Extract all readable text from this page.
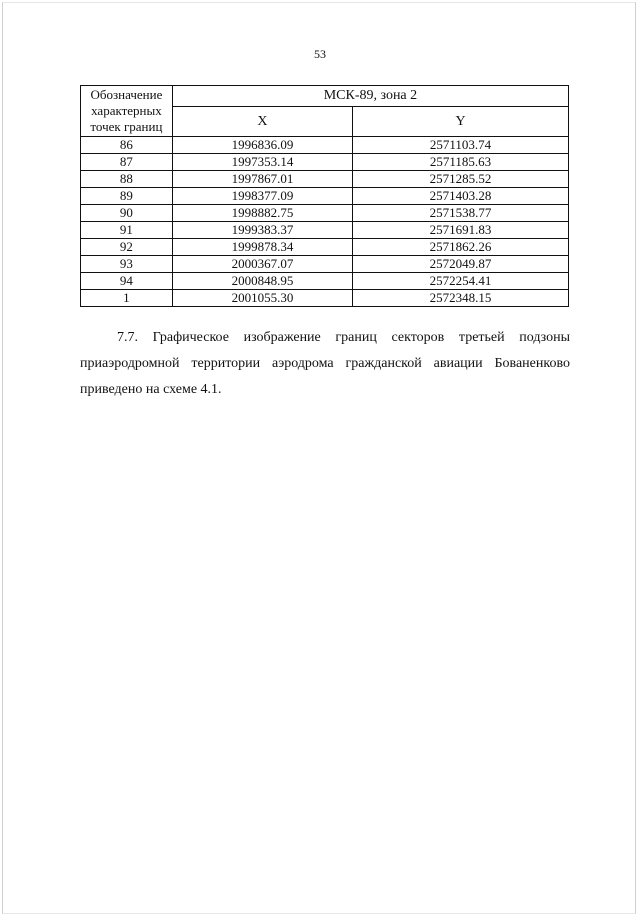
53
Обозначение
характерных
точек границ	МСК-89, зона 2	
	X	Y
86	1996836.09	2571103.74
87	1997353.14	2571185.63
88	1997867.01	2571285.52
89	1998377.09	2571403.28
90	1998882.75	2571538.77
91	1999383.37	2571691.83
92	1999878.34	2571862.26
93	2000367.07	2572049.87
94	2000848.95	2572254.41
1	2001055.30	2572348.15
7.7. Графическое изображение границ секторов третьей подзоны
приаэродромной территории аэродрома гражданской авиации Бованенково
приведено на схеме 4.1.
